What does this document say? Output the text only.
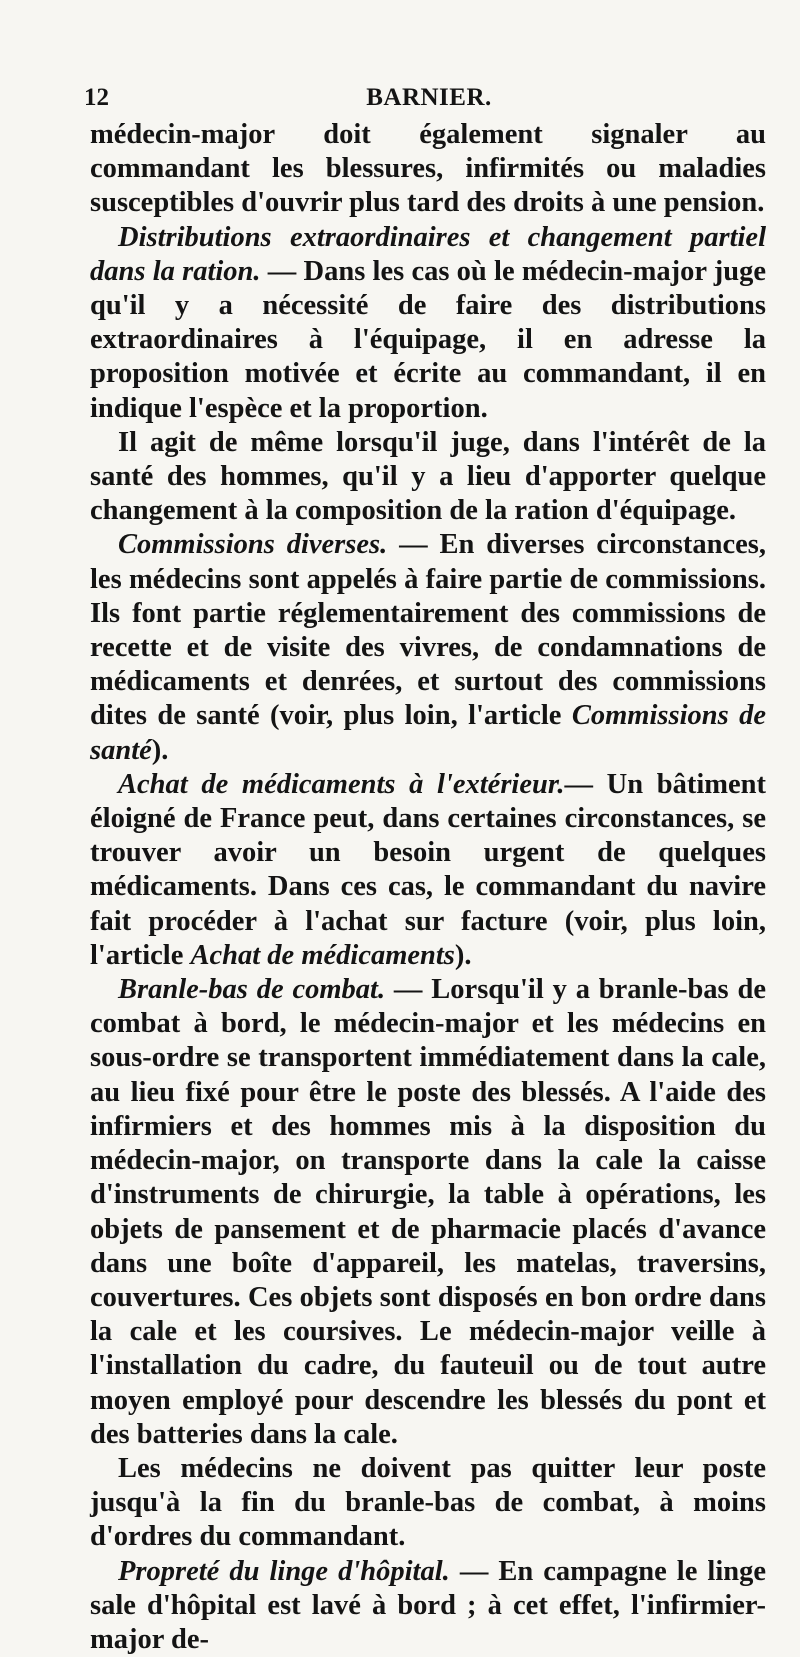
12	BARNIER.

médecin-major doit également signaler au commandant les blessures, infirmités ou maladies susceptibles d'ouvrir plus tard des droits à une pension.

Distributions extraordinaires et changement partiel dans la ration. — Dans les cas où le médecin-major juge qu'il y a nécessité de faire des distributions extraordinaires à l'équipage, il en adresse la proposition motivée et écrite au commandant, il en indique l'espèce et la proportion.

Il agit de même lorsqu'il juge, dans l'intérêt de la santé des hommes, qu'il y a lieu d'apporter quelque changement à la composition de la ration d'équipage.

Commissions diverses. — En diverses circonstances, les médecins sont appelés à faire partie de commissions. Ils font partie réglementairement des commissions de recette et de visite des vivres, de condamnations de médicaments et denrées, et surtout des commissions dites de santé (voir, plus loin, l'article Commissions de santé).

Achat de médicaments à l'extérieur.— Un bâtiment éloigné de France peut, dans certaines circonstances, se trouver avoir un besoin urgent de quelques médicaments. Dans ces cas, le commandant du navire fait procéder à l'achat sur facture (voir, plus loin, l'article Achat de médicaments).

Branle-bas de combat. — Lorsqu'il y a branle-bas de combat à bord, le médecin-major et les médecins en sous-ordre se transportent immédiatement dans la cale, au lieu fixé pour être le poste des blessés. A l'aide des infirmiers et des hommes mis à la disposition du médecin-major, on transporte dans la cale la caisse d'instruments de chirurgie, la table à opérations, les objets de pansement et de pharmacie placés d'avance dans une boîte d'appareil, les matelas, traversins, couvertures. Ces objets sont disposés en bon ordre dans la cale et les coursives. Le médecin-major veille à l'installation du cadre, du fauteuil ou de tout autre moyen employé pour descendre les blessés du pont et des batteries dans la cale.

Les médecins ne doivent pas quitter leur poste jusqu'à la fin du branle-bas de combat, à moins d'ordres du commandant.

Propreté du linge d'hôpital. — En campagne le linge sale d'hôpital est lavé à bord ; à cet effet, l'infirmier-major de-
